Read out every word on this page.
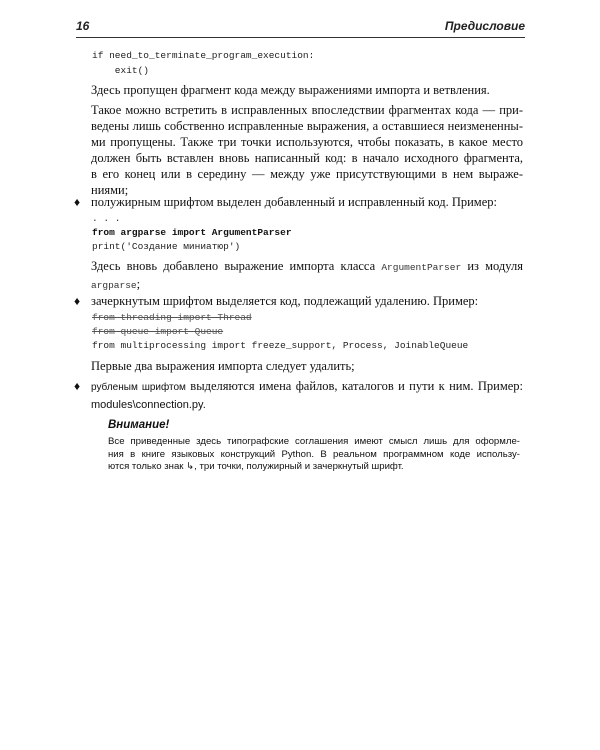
16	Предисловие
if need_to_terminate_program_execution:
exit()
Здесь пропущен фрагмент кода между выражениями импорта и ветвления.
Такое можно встретить в исправленных впоследствии фрагментах кода — при-
ведены лишь собственно исправленные выражения, а оставшиеся неизмененны-
ми пропущены. Также три точки используются, чтобы показать, в какое место
должен быть вставлен вновь написанный код: в начало исходного фрагмента,
в его конец или в середину — между уже присутствующими в нем выраже-
ниями;
♦ полужирным шрифтом выделен добавленный и исправленный код. Пример:
. . .
from argparse import ArgumentParser
print('Создание миниатюр')
Здесь вновь добавлено выражение импорта класса ArgumentParser из модуля
argparse;
♦ зачеркнутым шрифтом выделяется код, подлежащий удалению. Пример:
from threading import Thread
from queue import Queue
from multiprocessing import freeze_support, Process, JoinableQueue
Первые два выражения импорта следует удалить;
♦ рубленым шрифтом выделяются имена файлов, каталогов и пути к ним. Пример:
modules\connection.py.
Внимание!
Все приведенные здесь типографские соглашения имеют смысл лишь для оформле-
ния в книге языковых конструкций Python. В реальном программном коде использу-
ются только знак ↳, три точки, полужирный и зачеркнутый шрифт.
